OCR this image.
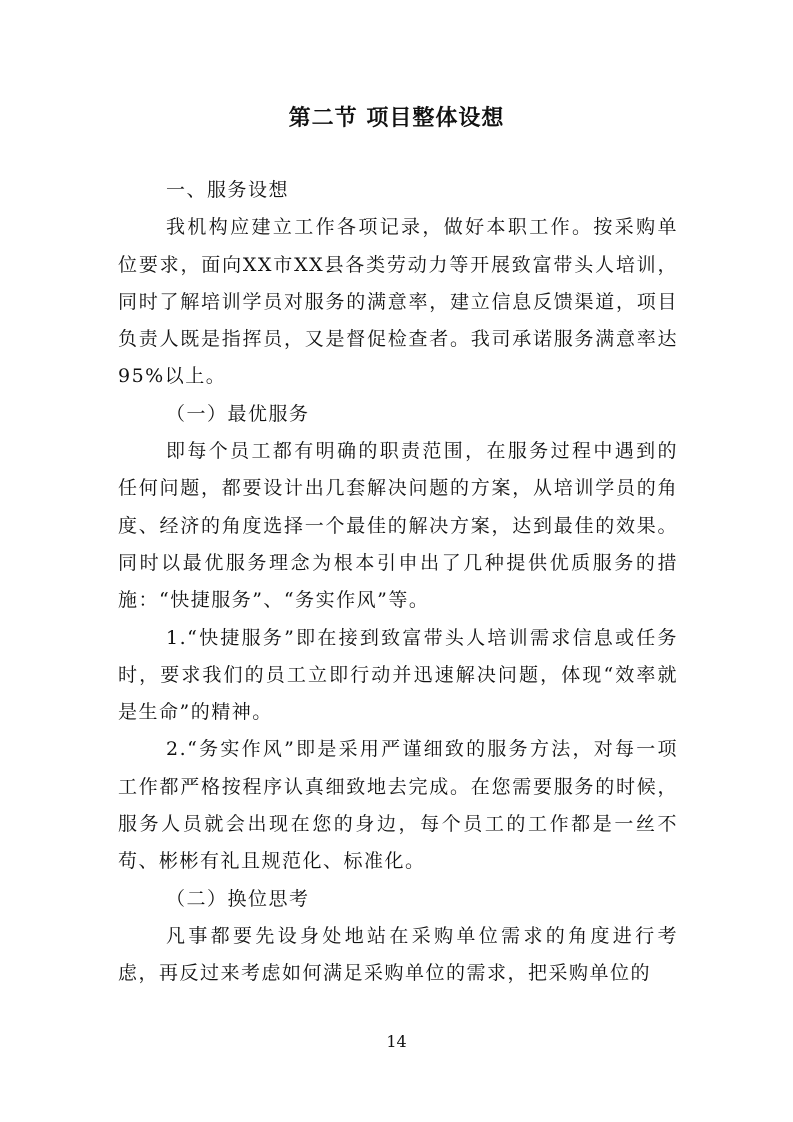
第二节 项目整体设想

一、服务设想

我机构应建立工作各项记录，做好本职工作。按采购单位要求，面向XX市XX县各类劳动力等开展致富带头人培训，同时了解培训学员对服务的满意率，建立信息反馈渠道，项目负责人既是指挥员，又是督促检查者。我司承诺服务满意率达 95%以上。

（一）最优服务

即每个员工都有明确的职责范围，在服务过程中遇到的任何问题，都要设计出几套解决问题的方案，从培训学员的角度、经济的角度选择一个最佳的解决方案，达到最佳的效果。同时以最优服务理念为根本引申出了几种提供优质服务的措施：“快捷服务”、“务实作风”等。

1.“快捷服务”即在接到致富带头人培训需求信息或任务时，要求我们的员工立即行动并迅速解决问题，体现“效率就是生命”的精神。

2.“务实作风”即是采用严谨细致的服务方法，对每一项工作都严格按程序认真细致地去完成。在您需要服务的时候，服务人员就会出现在您的身边，每个员工的工作都是一丝不苟、彬彬有礼且规范化、标准化。

（二）换位思考

凡事都要先设身处地站在采购单位需求的角度进行考虑，再反过来考虑如何满足采购单位的需求，把采购单位的

14
